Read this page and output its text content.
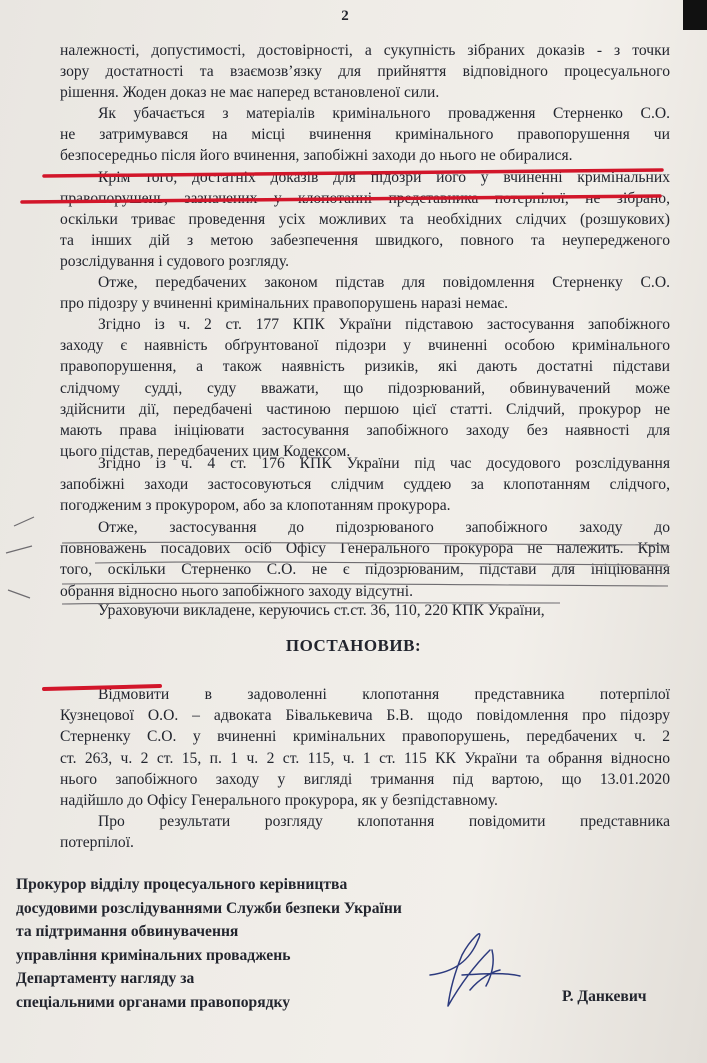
2
належності, допустимості, достовірності, а сукупність зібраних доказів - з точки
зору достатності та взаємозв’язку для прийняття відповідного процесуального
рішення. Жоден доказ не має наперед встановленої сили.
Як убачається з матеріалів кримінального провадження Стерненко С.О.
не затримувався на місці вчинення кримінального правопорушення чи
безпосередньо після його вчинення, запобіжні заходи до нього не обиралися.
Крім того, достатніх доказів для підозри його у вчиненні кримінальних
правопорушень, зазначених у клопотанні представника потерпілої, не зібрано,
оскільки триває проведення усіх можливих та необхідних слідчих (розшукових)
та інших дій з метою забезпечення швидкого, повного та неупередженого
розслідування і судового розгляду.
Отже, передбачених законом підстав для повідомлення Стерненку С.О.
про підозру у вчиненні кримінальних правопорушень наразі немає.
Згідно із ч. 2 ст. 177 КПК України підставою застосування запобіжного
заходу є наявність обґрунтованої підозри у вчиненні особою кримінального
правопорушення, а також наявність ризиків, які дають достатні підстави
слідчому судді, суду вважати, що підозрюваний, обвинувачений може
здійснити дії, передбачені частиною першою цієї статті. Слідчий, прокурор не
мають права ініціювати застосування запобіжного заходу без наявності для
цього підстав, передбачених цим Кодексом.
Згідно із ч. 4 ст. 176 КПК України під час досудового розслідування
запобіжні заходи застосовуються слідчим суддею за клопотанням слідчого,
погодженим з прокурором, або за клопотанням прокурора.
Отже, застосування до підозрюваного запобіжного заходу до
повноважень посадових осіб Офісу Генерального прокурора не належить. Крім
того, оскільки Стерненко С.О. не є підозрюваним, підстави для ініціювання
обрання відносно нього запобіжного заходу відсутні.
Ураховуючи викладене, керуючись ст.ст. 36, 110, 220 КПК України,
ПОСТАНОВИВ:
Відмовити в задоволенні клопотання представника потерпілої
Кузнецової О.О. – адвоката Бівалькевича Б.В. щодо повідомлення про підозру
Стерненку С.О. у вчиненні кримінальних правопорушень, передбачених ч. 2
ст. 263, ч. 2 ст. 15, п. 1 ч. 2 ст. 115, ч. 1 ст. 115 КК України та обрання відносно
нього запобіжного заходу у вигляді тримання під вартою, що 13.01.2020
надійшло до Офісу Генерального прокурора, як у безпідставному.
Про результати розгляду клопотання повідомити представника
потерпілої.
Прокурор відділу процесуального керівництва
досудовими розслідуваннями Служби безпеки України
та підтримання обвинувачення
управління кримінальних проваджень
Департаменту нагляду за
спеціальними органами правопорядку	Р. Данкевич
